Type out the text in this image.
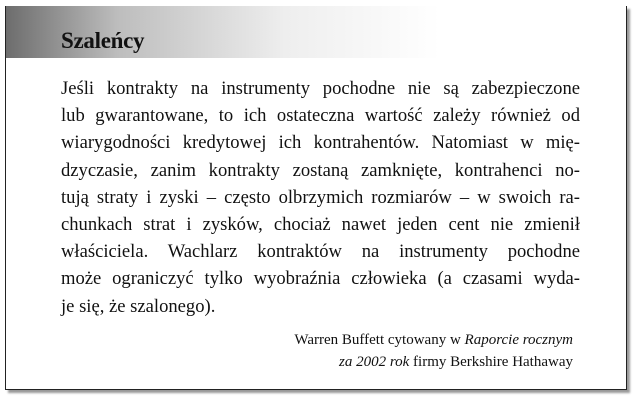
Szaleńcy
Jeśli kontrakty na instrumenty pochodne nie są zabezpieczone
lub gwarantowane, to ich ostateczna wartość zależy również od
wiarygodności kredytowej ich kontrahentów. Natomiast w mię-
dzyczasie, zanim kontrakty zostaną zamknięte, kontrahenci no-
tują straty i zyski – często olbrzymich rozmiarów – w swoich ra-
chunkach strat i zysków, chociaż nawet jeden cent nie zmienił
właściciela. Wachlarz kontraktów na instrumenty pochodne
może ograniczyć tylko wyobraźnia człowieka (a czasami wyda-
je się, że szalonego).
Warren Buffett cytowany w Raporcie rocznym
za 2002 rok firmy Berkshire Hathaway
